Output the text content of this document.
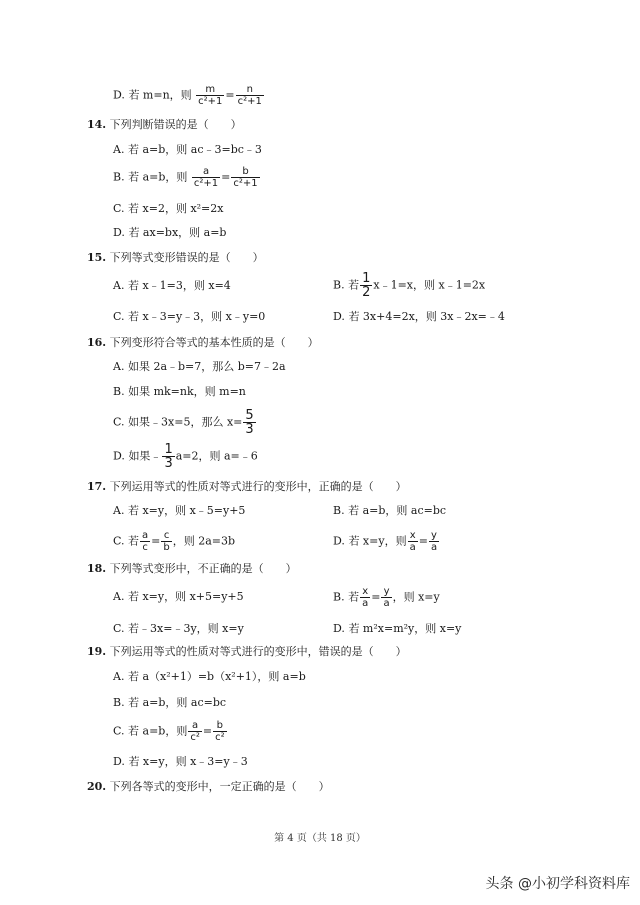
D. 若 m=n，则 $\frac{m}{\text{c²+1}} = \frac{n}{\text{c²+1}}$
14. 下列判断错误的是（　　）
A. 若 a=b，则 ac﹣3=bc﹣3
B. 若 a=b，则 $\frac{a}{\text{c²+1}} = \frac{b}{\text{c²+1}}$
C. 若 x=2，则 x²=2x
D. 若 ax=bx，则 a=b
15. 下列等式变形错误的是（　　）
A. 若 x﹣1=3，则 x=4	B. 若 $\frac{1}{2}$ x﹣1=x，则 x﹣1=2x
C. 若 x﹣3=y﹣3，则 x﹣y=0	D. 若 3x+4=2x，则 3x﹣2x=﹣4
16. 下列变形符合等式的基本性质的是（　　）
A. 如果 2a﹣b=7，那么 b=7﹣2a
B. 如果 mk=nk，则 m=n
C. 如果﹣3x=5，那么 $x= \frac{5}{3}$
D. 如果﹣ $\frac{1}{3} a=2$，则 a=﹣6
17. 下列运用等式的性质对等式进行的变形中，正确的是（　　）
A. 若 x=y，则 x﹣5=y+5	B. 若 a=b，则 ac=bc
C. 若 $\frac{a}{c} = \frac{c}{b}$ ，则 2a=3b	D. 若 x=y，则 $\frac{x}{a} = \frac{y}{a}$
18. 下列等式变形中，不正确的是（　　）
A. 若 x=y，则 x+5=y+5	B. 若 $\frac{x}{a} = \frac{y}{a}$ ，则 x=y
C. 若﹣3x=﹣3y，则 x=y	D. 若 m²x=m²y，则 x=y
19. 下列运用等式的性质对等式进行的变形中，错误的是（　　）
A. 若 a（x²+1）=b（x²+1），则 a=b
B. 若 a=b，则 ac=bc
C. 若 a=b，则 $\frac{a}{\text{c²}} = \frac{b}{\text{c²}}$
D. 若 x=y，则 x﹣3=y﹣3
20. 下列各等式的变形中，一定正确的是（　　）
第 4 页（共 18 页）
头条 @小初学科资料库
